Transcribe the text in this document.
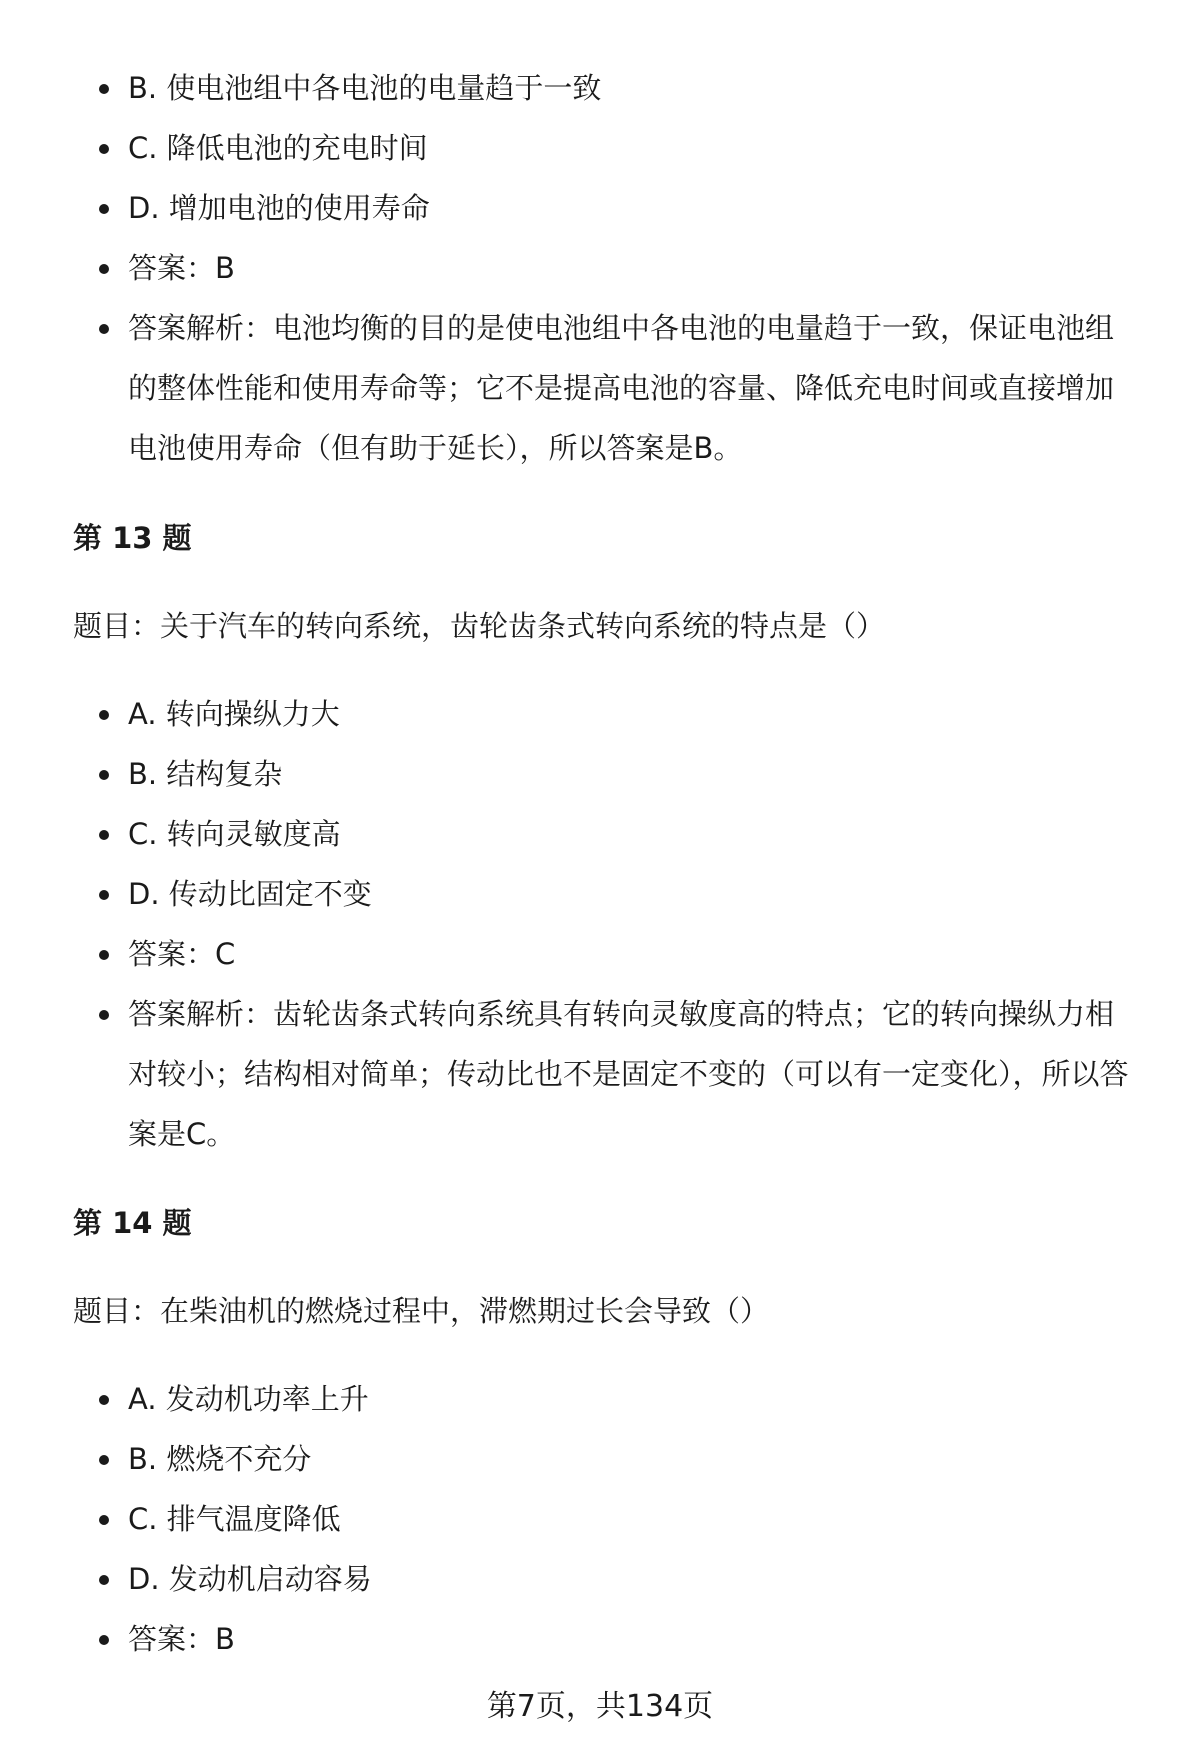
B. 使电池组中各电池的电量趋于一致
C. 降低电池的充电时间
D. 增加电池的使用寿命
答案：B
答案解析：电池均衡的目的是使电池组中各电池的电量趋于一致，保证电池组的整体性能和使用寿命等；它不是提高电池的容量、降低充电时间或直接增加电池使用寿命（但有助于延长），所以答案是B。

第 13 题

题目：关于汽车的转向系统，齿轮齿条式转向系统的特点是（）

A. 转向操纵力大
B. 结构复杂
C. 转向灵敏度高
D. 传动比固定不变
答案：C
答案解析：齿轮齿条式转向系统具有转向灵敏度高的特点；它的转向操纵力相对较小；结构相对简单；传动比也不是固定不变的（可以有一定变化），所以答案是C。

第 14 题

题目：在柴油机的燃烧过程中，滞燃期过长会导致（）

A. 发动机功率上升
B. 燃烧不充分
C. 排气温度降低
D. 发动机启动容易
答案：B
第7页，共134页
